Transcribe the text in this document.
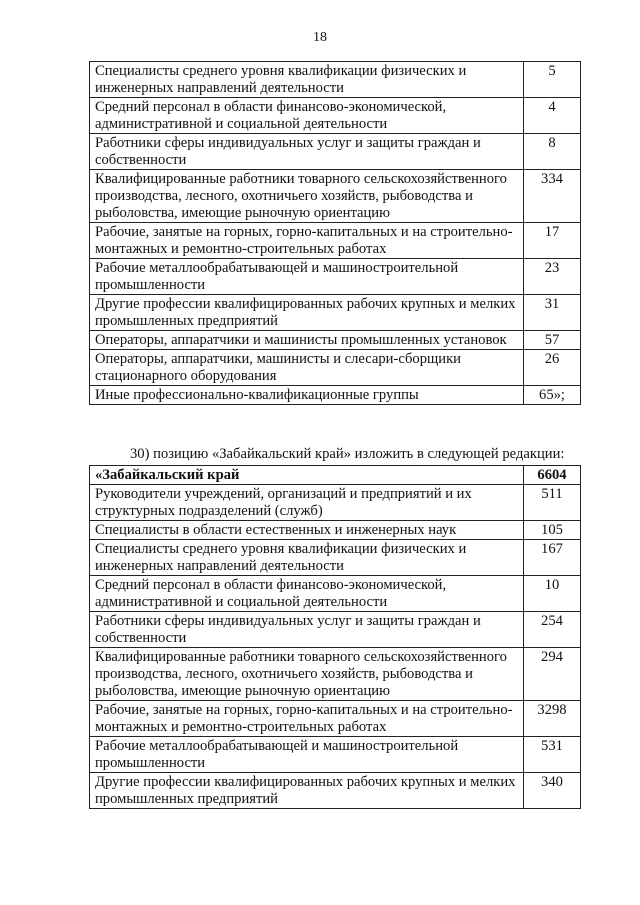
18
Специалисты среднего уровня квалификации физических и инженерных направлений деятельности	5
Средний персонал в области финансово-экономической, административной и социальной деятельности	4
Работники сферы индивидуальных услуг и защиты граждан и собственности	8
Квалифицированные работники товарного сельскохозяйственного производства, лесного, охотничьего хозяйств, рыбоводства и рыболовства, имеющие рыночную ориентацию	334
Рабочие, занятые на горных, горно-капитальных и на строительно-монтажных и ремонтно-строительных работах	17
Рабочие металлообрабатывающей и машиностроительной промышленности	23
Другие профессии квалифицированных рабочих крупных и мелких промышленных предприятий	31
Операторы, аппаратчики и машинисты промышленных установок	57
Операторы, аппаратчики, машинисты и слесари-сборщики стационарного оборудования	26
Иные профессионально-квалификационные группы	65»;
30) позицию «Забайкальский край» изложить в следующей редакции:
«Забайкальский край	6604
Руководители учреждений, организаций и предприятий и их структурных подразделений (служб)	511
Специалисты в области естественных и инженерных наук	105
Специалисты среднего уровня квалификации физических и инженерных направлений деятельности	167
Средний персонал в области финансово-экономической, административной и социальной деятельности	10
Работники сферы индивидуальных услуг и защиты граждан и собственности	254
Квалифицированные работники товарного сельскохозяйственного производства, лесного, охотничьего хозяйств, рыбоводства и рыболовства, имеющие рыночную ориентацию	294
Рабочие, занятые на горных, горно-капитальных и на строительно-монтажных и ремонтно-строительных работах	3298
Рабочие металлообрабатывающей и машиностроительной промышленности	531
Другие профессии квалифицированных рабочих крупных и мелких промышленных предприятий	340
